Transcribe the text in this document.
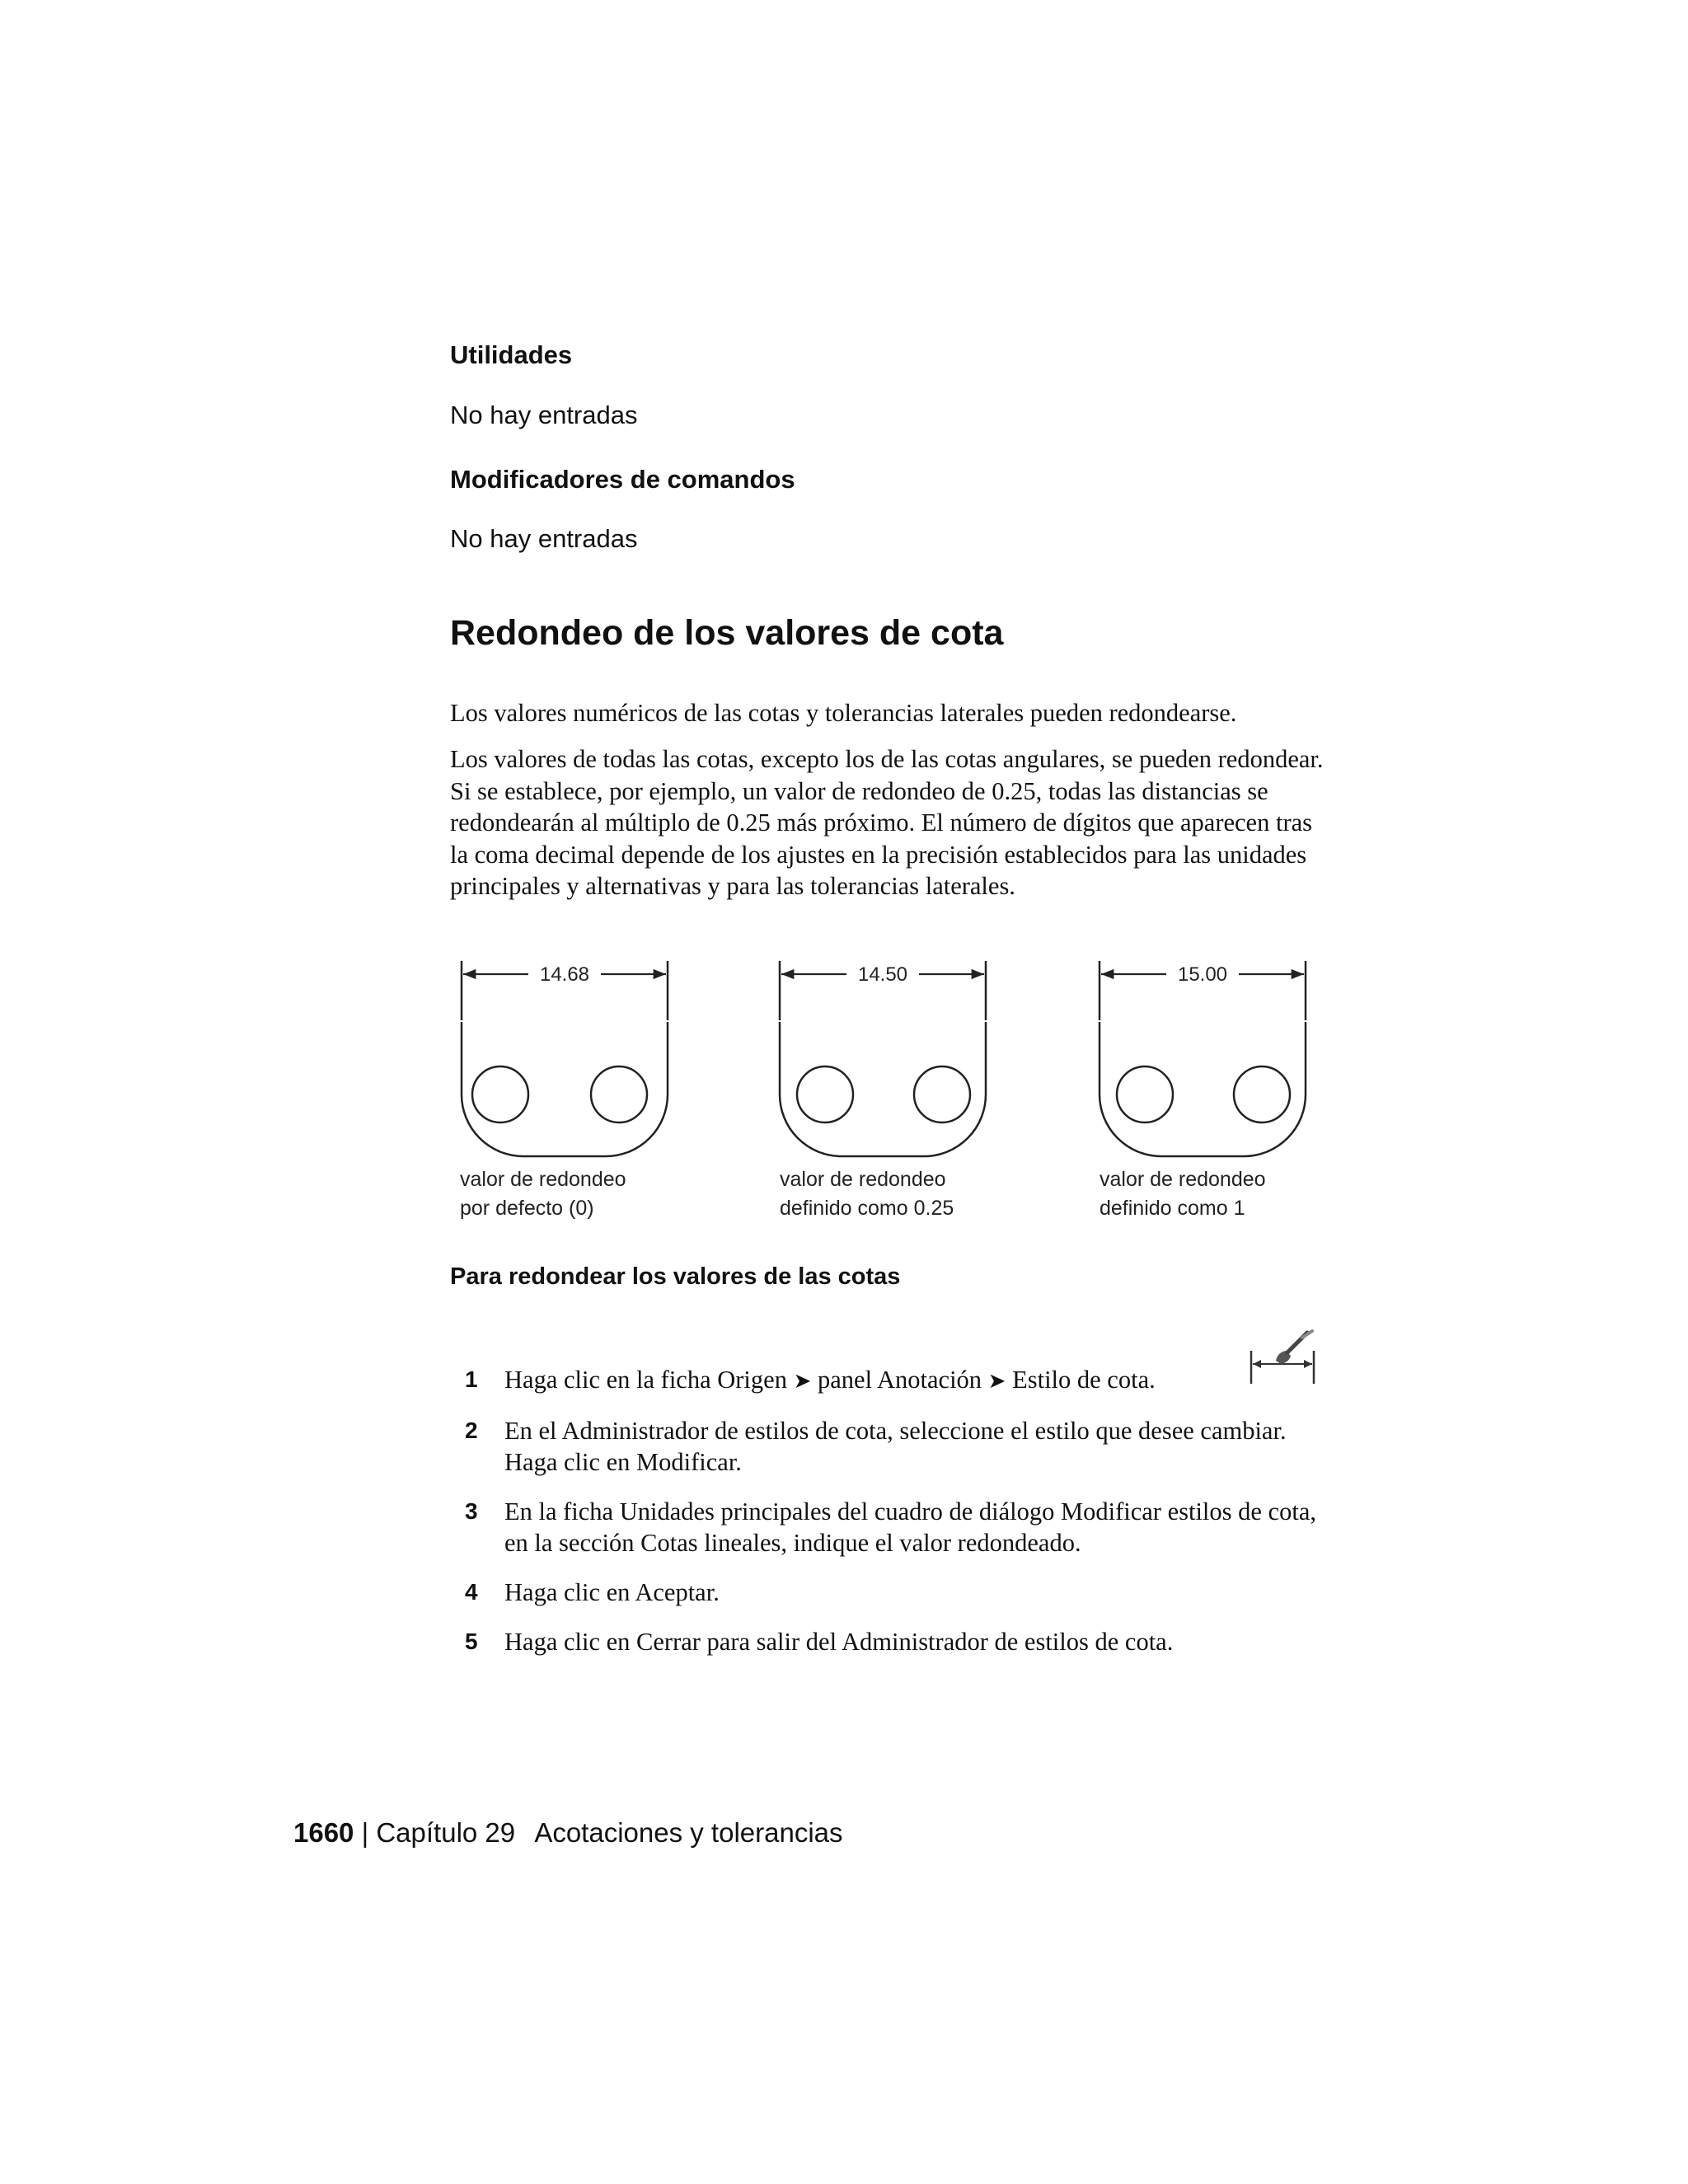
Utilidades
No hay entradas
Modificadores de comandos
No hay entradas
Redondeo de los valores de cota
Los valores numéricos de las cotas y tolerancias laterales pueden redondearse.
Los valores de todas las cotas, excepto los de las cotas angulares, se pueden redondear. Si se establece, por ejemplo, un valor de redondeo de 0.25, todas las distancias se redondearán al múltiplo de 0.25 más próximo. El número de dígitos que aparecen tras la coma decimal depende de los ajustes en la precisión establecidos para las unidades principales y alternativas y para las tolerancias laterales.
14.68	14.50	15.00
valor de redondeo
por defecto (0)
valor de redondeo
definido como 0.25
valor de redondeo
definido como 1
Para redondear los valores de las cotas
1	Haga clic en la ficha Origen ➤ panel Anotación ➤ Estilo de cota.
2	En el Administrador de estilos de cota, seleccione el estilo que desee cambiar. Haga clic en Modificar.
3	En la ficha Unidades principales del cuadro de diálogo Modificar estilos de cota, en la sección Cotas lineales, indique el valor redondeado.
4	Haga clic en Aceptar.
5	Haga clic en Cerrar para salir del Administrador de estilos de cota.
1660 | Capítulo 29 Acotaciones y tolerancias
